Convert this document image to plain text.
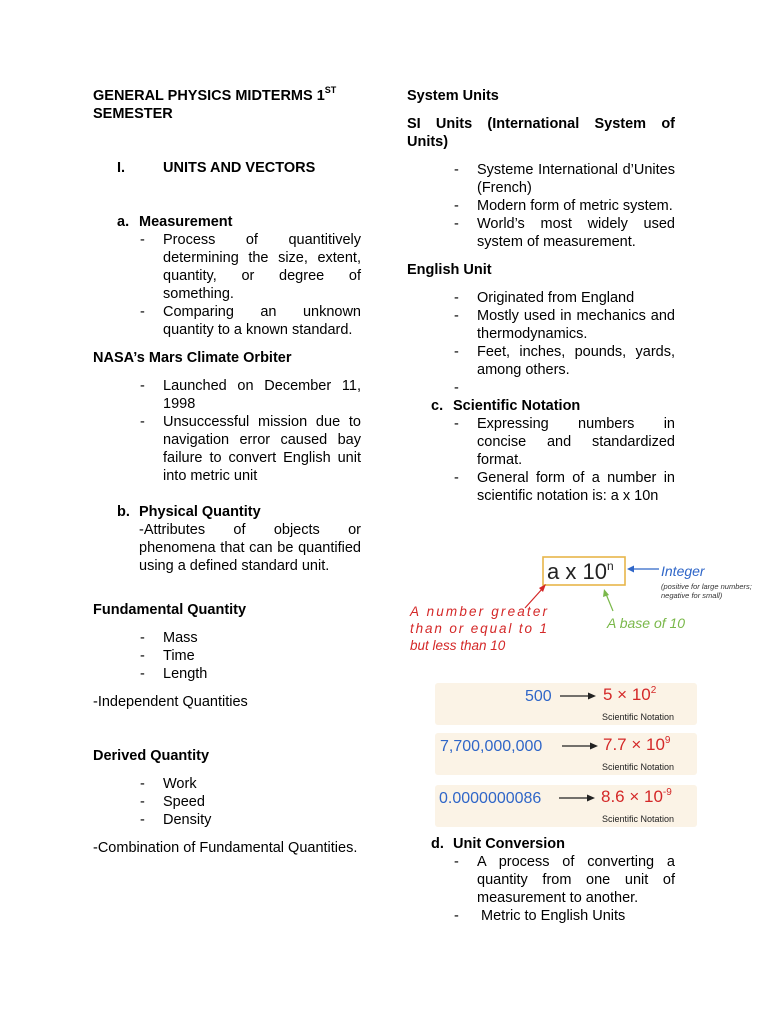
GENERAL PHYSICS MIDTERMS 1ST
SEMESTER
I.	UNITS AND VECTORS
a. Measurement
- Process of quantitively determining the size, extent, quantity, or degree of something.
- Comparing an unknown quantity to a known standard.
NASA’s Mars Climate Orbiter
- Launched on December 11, 1998
- Unsuccessful mission due to navigation error caused bay failure to convert English unit into metric unit
b. Physical Quantity
-Attributes of objects or phenomena that can be quantified using a defined standard unit.
Fundamental Quantity
- Mass
- Time
- Length
-Independent Quantities
Derived Quantity
- Work
- Speed
- Density
-Combination of Fundamental Quantities.
System Units
SI Units (International System of Units)
- Systeme International d’Unites (French)
- Modern form of metric system.
- World’s most widely used system of measurement.
English Unit
- Originated from England
- Mostly used in mechanics and thermodynamics.
- Feet, inches, pounds, yards, among others.
-
c. Scientific Notation
- Expressing numbers in concise and standardized format.
- General form of a number in scientific notation is: a x 10n
a x 10$^n$	Integer
(positive for large numbers;
negative for small)
A number greater
than or equal to 1
but less than 10
A base of 10
500	$5 \times 10^2$
Scientific Notation
7,700,000,000	$7.7 \times 10^9$
Scientific Notation
0.0000000086	$8.6 \times 10^{-9}$
Scientific Notation
d. Unit Conversion
- A process of converting a quantity from one unit of measurement to another.
- Metric to English Units
